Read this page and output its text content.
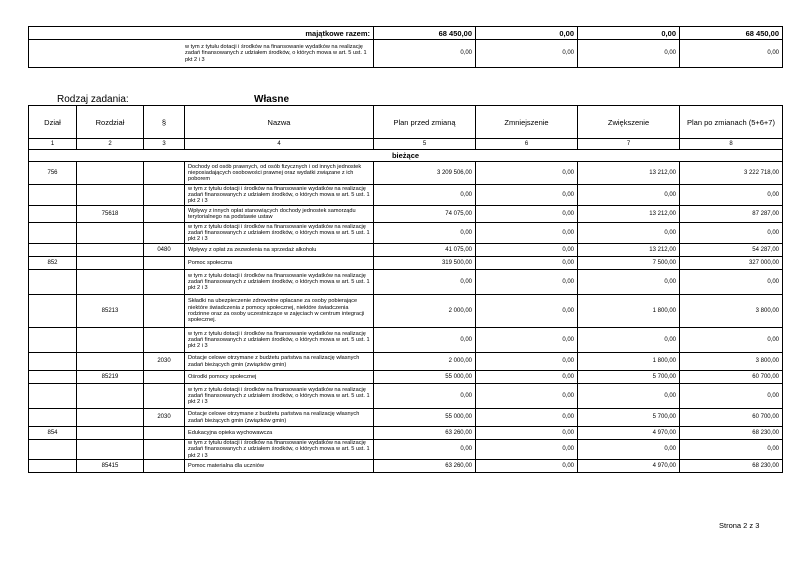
majątkowe razem:	68 450,00	0,00	0,00	68 450,00
w tym z tytułu dotacji i środków na finansowanie wydatków na realizację zadań finansowanych z udziałem środków, o których mowa w art. 5 ust. 1 pkt 2 i 3	0,00	0,00	0,00	0,00
Rodzaj zadania:	Własne
Dział	Rozdział	§	Nazwa	Plan przed zmianą	Zmniejszenie	Zwiększenie	Plan po zmianach (5+6+7)
1	2	3	4	5	6	7	8
bieżące							
756			Dochody od osób prawnych, od osób fizycznych i od innych jednostek nieposiadających osobowości prawnej oraz wydatki związane z ich poborem	3 209 506,00	0,00	13 212,00	3 222 718,00
			w tym z tytułu dotacji i środków na finansowanie wydatków na realizację zadań finansowanych z udziałem środków, o których mowa w art. 5 ust. 1 pkt 2 i 3	0,00	0,00	0,00	0,00
	75618		Wpływy z innych opłat stanowiących dochody jednostek samorządu terytorialnego na podstawie ustaw	74 075,00	0,00	13 212,00	87 287,00
			w tym z tytułu dotacji i środków na finansowanie wydatków na realizację zadań finansowanych z udziałem środków, o których mowa w art. 5 ust. 1 pkt 2 i 3	0,00	0,00	0,00	0,00
		0480	Wpływy z opłat za zezwolenia na sprzedaż alkoholu	41 075,00	0,00	13 212,00	54 287,00
852			Pomoc społeczna	319 500,00	0,00	7 500,00	327 000,00
			w tym z tytułu dotacji i środków na finansowanie wydatków na realizację zadań finansowanych z udziałem środków, o których mowa w art. 5 ust. 1 pkt 2 i 3	0,00	0,00	0,00	0,00
	85213		Składki na ubezpieczenie zdrowotne opłacane za osoby pobierające niektóre świadczenia z pomocy społecznej, niektóre świadczenia rodzinne oraz za osoby uczestniczące w zajęciach w centrum integracji społecznej.	2 000,00	0,00	1 800,00	3 800,00
			w tym z tytułu dotacji i środków na finansowanie wydatków na realizację zadań finansowanych z udziałem środków, o których mowa w art. 5 ust. 1 pkt 2 i 3	0,00	0,00	0,00	0,00
		2030	Dotacje celowe otrzymane z budżetu państwa na realizację własnych zadań bieżących gmin (związków gmin)	2 000,00	0,00	1 800,00	3 800,00
	85219		Ośrodki pomocy społecznej	55 000,00	0,00	5 700,00	60 700,00
			w tym z tytułu dotacji i środków na finansowanie wydatków na realizację zadań finansowanych z udziałem środków, o których mowa w art. 5 ust. 1 pkt 2 i 3	0,00	0,00	0,00	0,00
		2030	Dotacje celowe otrzymane z budżetu państwa na realizację własnych zadań bieżących gmin (związków gmin)	55 000,00	0,00	5 700,00	60 700,00
854			Edukacyjna opieka wychowawcza	63 260,00	0,00	4 970,00	68 230,00
			w tym z tytułu dotacji i środków na finansowanie wydatków na realizację zadań finansowanych z udziałem środków, o których mowa w art. 5 ust. 1 pkt 2 i 3	0,00	0,00	0,00	0,00
	85415		Pomoc materialna dla uczniów	63 260,00	0,00	4 970,00	68 230,00
Strona 2 z 3
